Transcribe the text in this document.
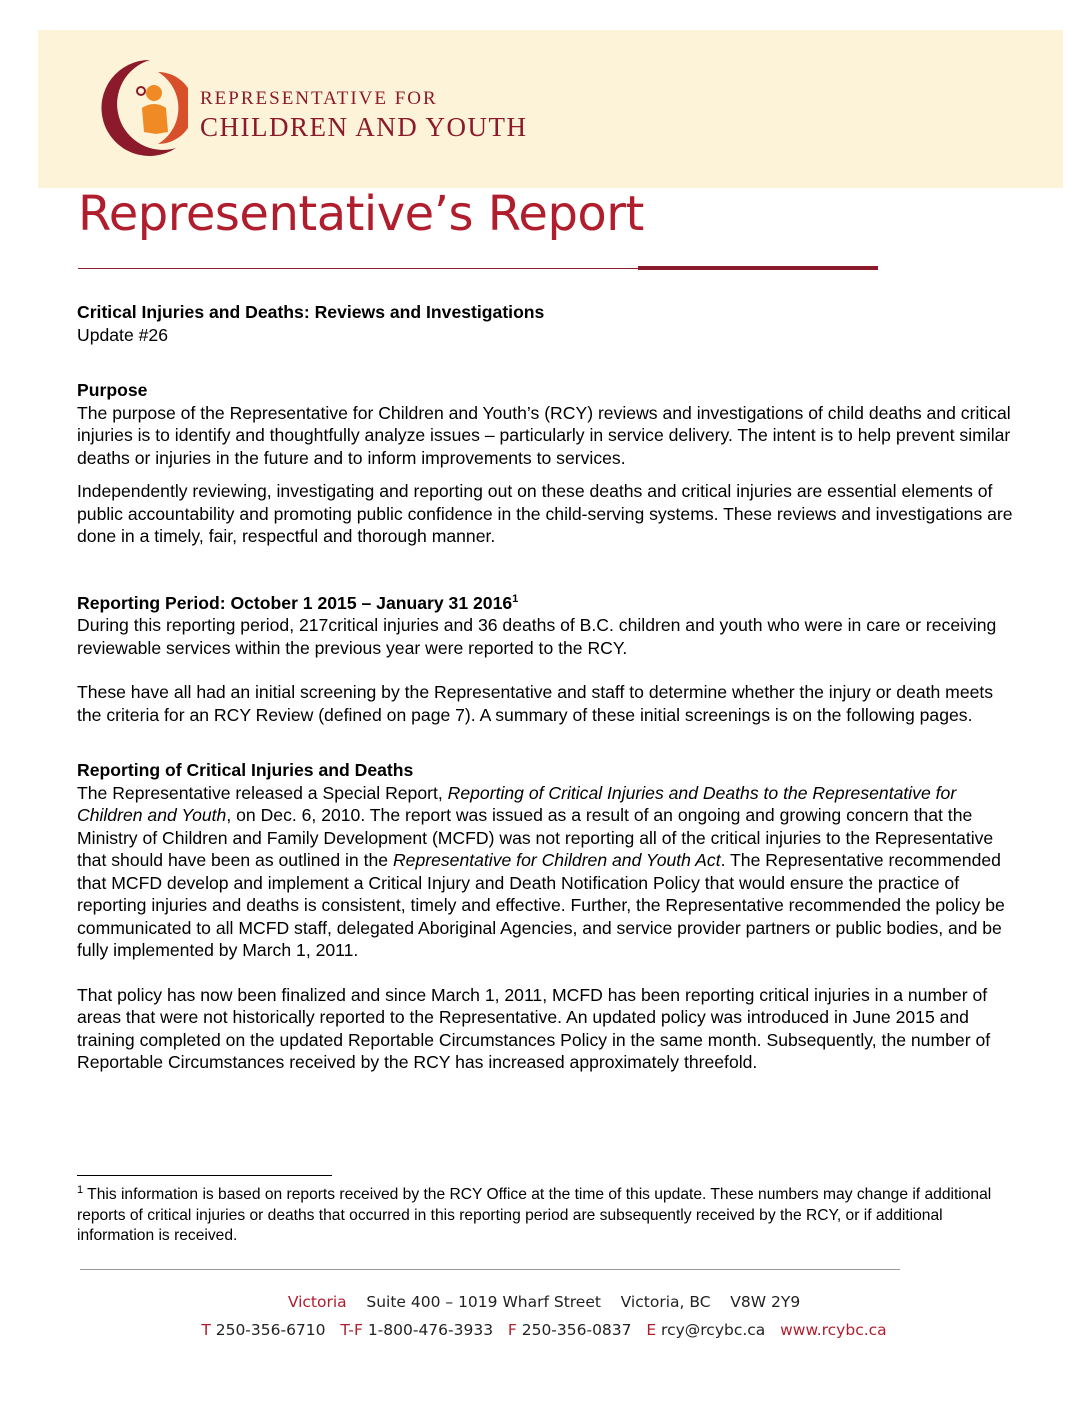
REPRESENTATIVE FOR
CHILDREN AND YOUTH
Representative’s Report

Critical Injuries and Deaths: Reviews and Investigations

Update #26

Purpose

The purpose of the Representative for Children and Youth’s (RCY) reviews and investigations of child deaths and critical injuries is to identify and thoughtfully analyze issues – particularly in service delivery. The intent is to help prevent similar deaths or injuries in the future and to inform improvements to services.

Independently reviewing, investigating and reporting out on these deaths and critical injuries are essential elements of public accountability and promoting public confidence in the child-serving systems. These reviews and investigations are done in a timely, fair, respectful and thorough manner.

Reporting Period: October 1 2015 – January 31 2016$^1$

During this reporting period, 217critical injuries and 36 deaths of B.C. children and youth who were in care or receiving reviewable services within the previous year were reported to the RCY.

These have all had an initial screening by the Representative and staff to determine whether the injury or death meets the criteria for an RCY Review (defined on page 7). A summary of these initial screenings is on the following pages.

Reporting of Critical Injuries and Deaths

The Representative released a Special Report, Reporting of Critical Injuries and Deaths to the Representative for Children and Youth, on Dec. 6, 2010. The report was issued as a result of an ongoing and growing concern that the Ministry of Children and Family Development (MCFD) was not reporting all of the critical injuries to the Representative that should have been as outlined in the Representative for Children and Youth Act. The Representative recommended that MCFD develop and implement a Critical Injury and Death Notification Policy that would ensure the practice of reporting injuries and deaths is consistent, timely and effective. Further, the Representative recommended the policy be communicated to all MCFD staff, delegated Aboriginal Agencies, and service provider partners or public bodies, and be fully implemented by March 1, 2011.

That policy has now been finalized and since March 1, 2011, MCFD has been reporting critical injuries in a number of areas that were not historically reported to the Representative. An updated policy was introduced in June 2015 and training completed on the updated Reportable Circumstances Policy in the same month. Subsequently, the number of Reportable Circumstances received by the RCY has increased approximately threefold.

$^1$ This information is based on reports received by the RCY Office at the time of this update. These numbers may change if additional reports of critical injuries or deaths that occurred in this reporting period are subsequently received by the RCY, or if additional information is received.
Victoria Suite 400 – 1019 Wharf Street Victoria, BC V8W 2Y9
T 250-356-6710 T-F 1-800-476-3933 F 250-356-0837 E rcy@rcybc.ca www.rcybc.ca
